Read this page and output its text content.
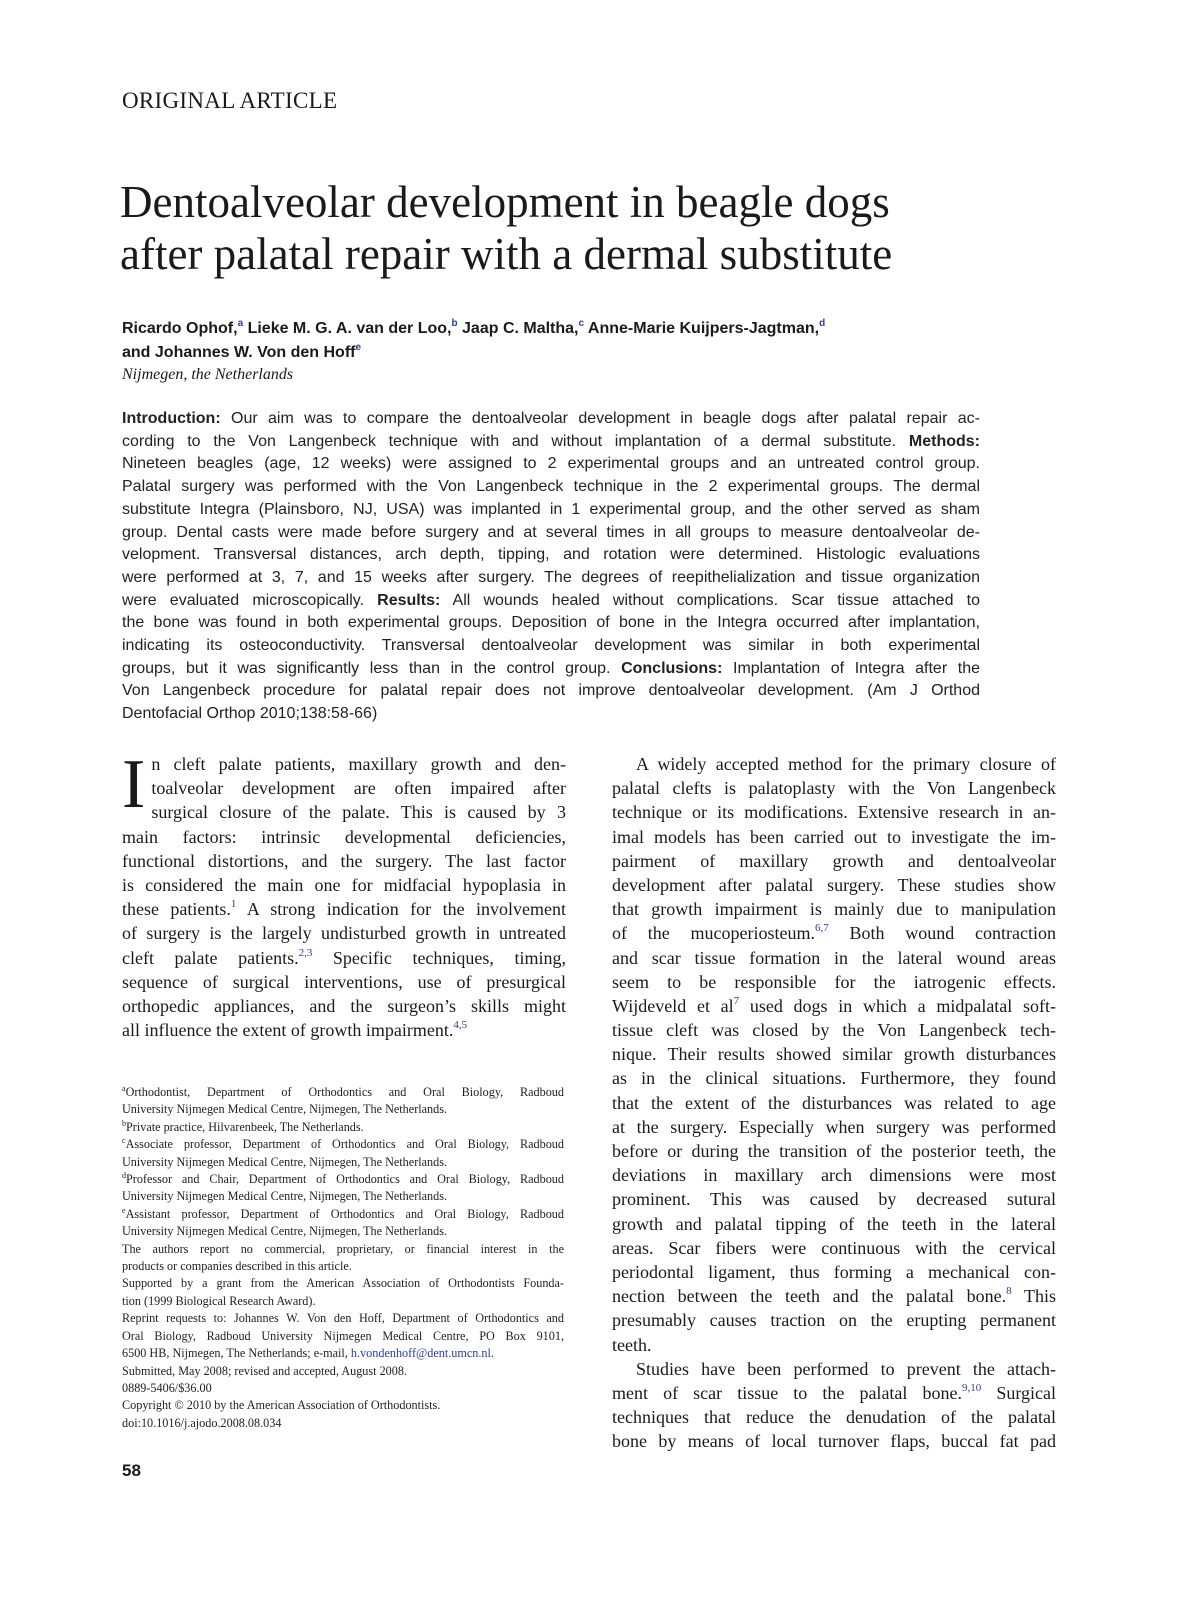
ORIGINAL ARTICLE
Dentoalveolar development in beagle dogs
after palatal repair with a dermal substitute
Ricardo Ophof,$^a$ Lieke M. G. A. van der Loo,$^b$ Jaap C. Maltha,$^c$ Anne-Marie Kuijpers-Jagtman,$^d$
and Johannes W. Von den Hoff$^e$
Nijmegen, the Netherlands
Introduction: Our aim was to compare the dentoalveolar development in beagle dogs after palatal repair ac-
cording to the Von Langenbeck technique with and without implantation of a dermal substitute. Methods:
Nineteen beagles (age, 12 weeks) were assigned to 2 experimental groups and an untreated control group.
Palatal surgery was performed with the Von Langenbeck technique in the 2 experimental groups. The dermal
substitute Integra (Plainsboro, NJ, USA) was implanted in 1 experimental group, and the other served as sham
group. Dental casts were made before surgery and at several times in all groups to measure dentoalveolar de-
velopment. Transversal distances, arch depth, tipping, and rotation were determined. Histologic evaluations
were performed at 3, 7, and 15 weeks after surgery. The degrees of reepithelialization and tissue organization
were evaluated microscopically. Results: All wounds healed without complications. Scar tissue attached to
the bone was found in both experimental groups. Deposition of bone in the Integra occurred after implantation,
indicating its osteoconductivity. Transversal dentoalveolar development was similar in both experimental
groups, but it was significantly less than in the control group. Conclusions: Implantation of Integra after the
Von Langenbeck procedure for palatal repair does not improve dentoalveolar development. (Am J Orthod
Dentofacial Orthop 2010;138:58-66)
I n cleft palate patients, maxillary growth and den-
toalveolar development are often impaired after
surgical closure of the palate. This is caused by 3
main factors: intrinsic developmental deficiencies,
functional distortions, and the surgery. The last factor
is considered the main one for midfacial hypoplasia in
these patients.$^1$ A strong indication for the involvement
of surgery is the largely undisturbed growth in untreated
cleft palate patients.$^{2,3}$ Specific techniques, timing,
sequence of surgical interventions, use of presurgical
orthopedic appliances, and the surgeon’s skills might
all influence the extent of growth impairment.$^{4,5}$
A widely accepted method for the primary closure of
palatal clefts is palatoplasty with the Von Langenbeck
technique or its modifications. Extensive research in an-
imal models has been carried out to investigate the im-
pairment of maxillary growth and dentoalveolar
development after palatal surgery. These studies show
that growth impairment is mainly due to manipulation
of the mucoperiosteum.$^{6,7}$ Both wound contraction
and scar tissue formation in the lateral wound areas
seem to be responsible for the iatrogenic effects.
Wijdeveld et $al^7$ used dogs in which a midpalatal soft-
tissue cleft was closed by the Von Langenbeck tech-
nique. Their results showed similar growth disturbances
as in the clinical situations. Furthermore, they found
that the extent of the disturbances was related to age
at the surgery. Especially when surgery was performed
before or during the transition of the posterior teeth, the
deviations in maxillary arch dimensions were most
prominent. This was caused by decreased sutural
growth and palatal tipping of the teeth in the lateral
areas. Scar fibers were continuous with the cervical
periodontal ligament, thus forming a mechanical con-
nection between the teeth and the palatal bone.$^8$ This
presumably causes traction on the erupting permanent
teeth.
Studies have been performed to prevent the attach-
ment of scar tissue to the palatal bone.$^{9,10}$ Surgical
techniques that reduce the denudation of the palatal
bone by means of local turnover flaps, buccal fat pad
$^a$Orthodontist, Department of Orthodontics and Oral Biology, Radboud
University Nijmegen Medical Centre, Nijmegen, The Netherlands.
$^b$Private practice, Hilvarenbeek, The Netherlands.
$^c$Associate professor, Department of Orthodontics and Oral Biology, Radboud
University Nijmegen Medical Centre, Nijmegen, The Netherlands.
$^d$Professor and Chair, Department of Orthodontics and Oral Biology, Radboud
University Nijmegen Medical Centre, Nijmegen, The Netherlands.
$^e$Assistant professor, Department of Orthodontics and Oral Biology, Radboud
University Nijmegen Medical Centre, Nijmegen, The Netherlands.
The authors report no commercial, proprietary, or financial interest in the
products or companies described in this article.
Supported by a grant from the American Association of Orthodontists Founda-
tion (1999 Biological Research Award).
Reprint requests to: Johannes W. Von den Hoff, Department of Orthodontics and
Oral Biology, Radboud University Nijmegen Medical Centre, PO Box 9101,
6500 HB, Nijmegen, The Netherlands; e-mail, h.vondenhoff@dent.umcn.nl.
Submitted, May 2008; revised and accepted, August 2008.
0889-5406/$36.00
Copyright © 2010 by the American Association of Orthodontists.
doi:10.1016/j.ajodo.2008.08.034
58
